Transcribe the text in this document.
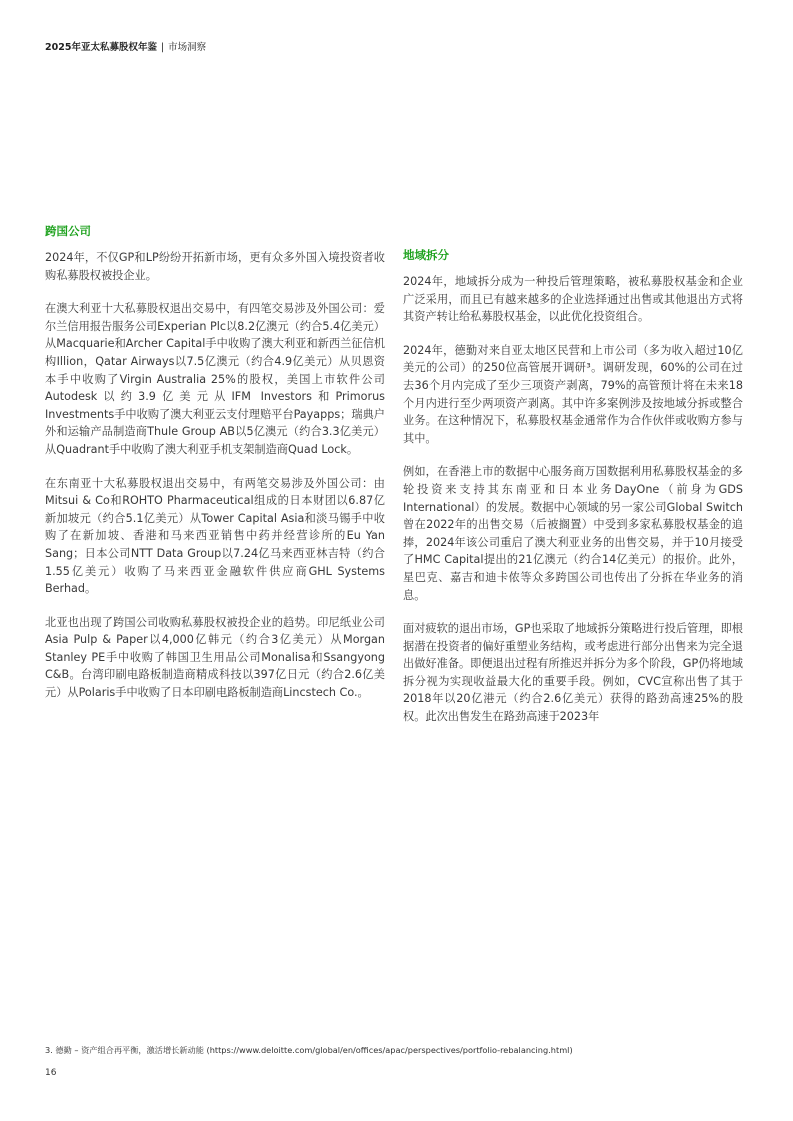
2025年亚太私募股权年鉴 | 市场洞察
跨国公司

2024年，不仅GP和LP纷纷开拓新市场，更有众多外国入境投资者收购私募股权被投企业。

在澳大利亚十大私募股权退出交易中，有四笔交易涉及外国公司：爱尔兰信用报告服务公司Experian Plc以8.2亿澳元（约合5.4亿美元）从Macquarie和Archer Capital手中收购了澳大利亚和新西兰征信机构Illion，Qatar Airways以7.5亿澳元（约合4.9亿美元）从贝恩资本手中收购了Virgin Australia 25%的股权，美国上市软件公司Autodesk以约3.9亿美元从IFM Investors和Primorus Investments手中收购了澳大利亚云支付理赔平台Payapps；瑞典户外和运输产品制造商Thule Group AB以5亿澳元（约合3.3亿美元）从Quadrant手中收购了澳大利亚手机支架制造商Quad Lock。

在东南亚十大私募股权退出交易中，有两笔交易涉及外国公司：由Mitsui & Co和ROHTO Pharmaceutical组成的日本财团以6.87亿新加坡元（约合5.1亿美元）从Tower Capital Asia和淡马锡手中收购了在新加坡、香港和马来西亚销售中药并经营诊所的Eu Yan Sang；日本公司NTT Data Group以7.24亿马来西亚林吉特（约合1.55亿美元）收购了马来西亚金融软件供应商GHL Systems Berhad。

北亚也出现了跨国公司收购私募股权被投企业的趋势。印尼纸业公司Asia Pulp & Paper以4,000亿韩元（约合3亿美元）从Morgan Stanley PE手中收购了韩国卫生用品公司Monalisa和Ssangyong C&B。台湾印刷电路板制造商精成科技以397亿日元（约合2.6亿美元）从Polaris手中收购了日本印刷电路板制造商Lincstech Co.。

地域拆分

2024年，地域拆分成为一种投后管理策略，被私募股权基金和企业广泛采用，而且已有越来越多的企业选择通过出售或其他退出方式将其资产转让给私募股权基金，以此优化投资组合。

2024年，德勤对来自亚太地区民营和上市公司（多为收入超过10亿美元的公司）的250位高管展开调研³。调研发现，60%的公司在过去36个月内完成了至少三项资产剥离，79%的高管预计将在未来18个月内进行至少两项资产剥离。其中许多案例涉及按地域分拆或整合业务。在这种情况下，私募股权基金通常作为合作伙伴或收购方参与其中。

例如，在香港上市的数据中心服务商万国数据利用私募股权基金的多轮投资来支持其东南亚和日本业务DayOne（前身为GDS International）的发展。数据中心领域的另一家公司Global Switch曾在2022年的出售交易（后被搁置）中受到多家私募股权基金的追捧，2024年该公司重启了澳大利亚业务的出售交易，并于10月接受了HMC Capital提出的21亿澳元（约合14亿美元）的报价。此外，星巴克、嘉吉和迪卡侬等众多跨国公司也传出了分拆在华业务的消息。

面对疲软的退出市场，GP也采取了地域拆分策略进行投后管理，即根据潜在投资者的偏好重塑业务结构，或考虑进行部分出售来为完全退出做好准备。即便退出过程有所推迟并拆分为多个阶段，GP仍将地域拆分视为实现收益最大化的重要手段。例如，CVC宣称出售了其于2018年以20亿港元（约合2.6亿美元）获得的路劲高速25%的股权。此次出售发生在路劲高速于2023年

3. 德勤 – 资产组合再平衡，激活增长新动能 (https://www.deloitte.com/global/en/offices/apac/perspectives/portfolio-rebalancing.html)
16
